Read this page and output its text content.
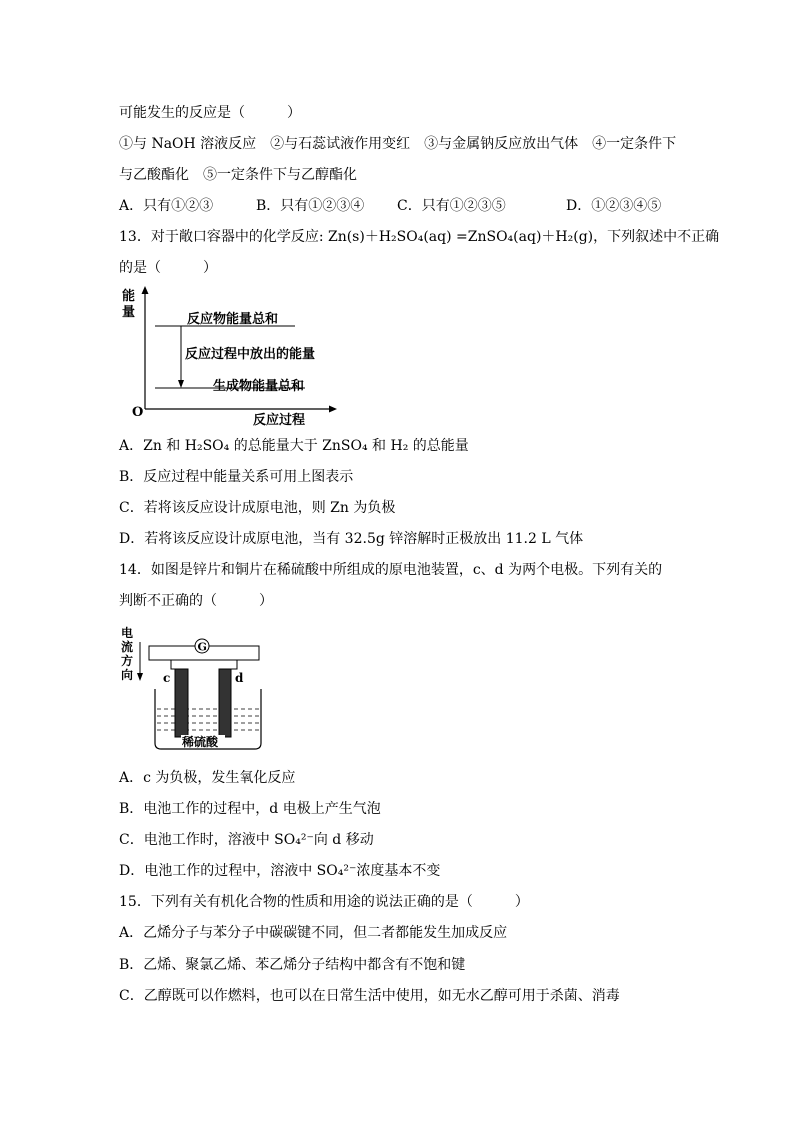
可能发生的反应是（　　　）
①与 NaOH 溶液反应　②与石蕊试液作用变红　③与金属钠反应放出气体　④一定条件下
与乙酸酯化　⑤一定条件下与乙醇酯化
A．只有①②③	B．只有①②③④ C．只有①②③⑤	D．①②③④⑤
13．对于敞口容器中的化学反应: Zn(s)＋H₂SO₄(aq) =ZnSO₄(aq)＋H₂(g)，下列叙述中不正确
的是（　　　）
能
量
O
反应过程
反应物能量总和
反应过程中放出的能量
生成物能量总和
A．Zn 和 H₂SO₄ 的总能量大于 ZnSO₄ 和 H₂ 的总能量
B．反应过程中能量关系可用上图表示
C．若将该反应设计成原电池，则 Zn 为负极
D．若将该反应设计成原电池，当有 32.5g 锌溶解时正极放出 11.2 L 气体
14．如图是锌片和铜片在稀硫酸中所组成的原电池装置，c、d 为两个电极。下列有关的
判断不正确的（　　　）
电
流
方
向
G
c	d
稀硫酸
A．c 为负极，发生氧化反应
B．电池工作的过程中，d 电极上产生气泡
C．电池工作时，溶液中 SO₄²⁻向 d 移动
D．电池工作的过程中，溶液中 SO₄²⁻浓度基本不变
15．下列有关有机化合物的性质和用途的说法正确的是（　　　）
A．乙烯分子与苯分子中碳碳键不同，但二者都能发生加成反应
B．乙烯、聚氯乙烯、苯乙烯分子结构中都含有不饱和键
C．乙醇既可以作燃料，也可以在日常生活中使用，如无水乙醇可用于杀菌、消毒
